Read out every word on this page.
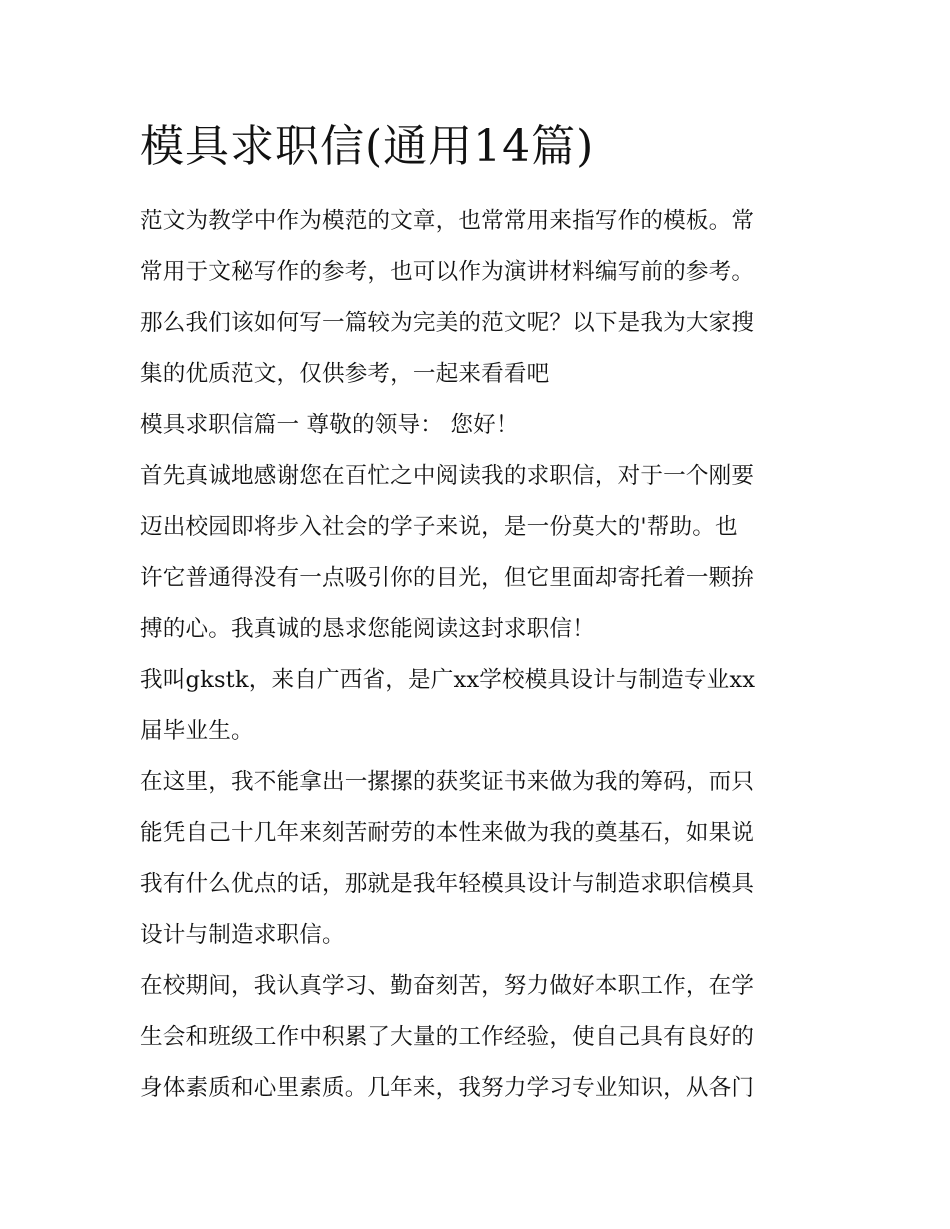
模具求职信(通用14篇)
范文为教学中作为模范的文章，也常常用来指写作的模板。常
常用于文秘写作的参考，也可以作为演讲材料编写前的参考。
那么我们该如何写一篇较为完美的范文呢？以下是我为大家搜
集的优质范文，仅供参考，一起来看看吧
模具求职信篇一 尊敬的领导： 您好！
首先真诚地感谢您在百忙之中阅读我的求职信，对于一个刚要
迈出校园即将步入社会的学子来说，是一份莫大的'帮助。也
许它普通得没有一点吸引你的目光，但它里面却寄托着一颗拚
搏的心。我真诚的恳求您能阅读这封求职信！
我叫gkstk，来自广西省，是广xx学校模具设计与制造专业xx
届毕业生。
在这里，我不能拿出一摞摞的获奖证书来做为我的筹码，而只
能凭自己十几年来刻苦耐劳的本性来做为我的奠基石，如果说
我有什么优点的话，那就是我年轻模具设计与制造求职信模具
设计与制造求职信。
在校期间，我认真学习、勤奋刻苦，努力做好本职工作，在学
生会和班级工作中积累了大量的工作经验，使自己具有良好的
身体素质和心里素质。几年来，我努力学习专业知识，从各门
